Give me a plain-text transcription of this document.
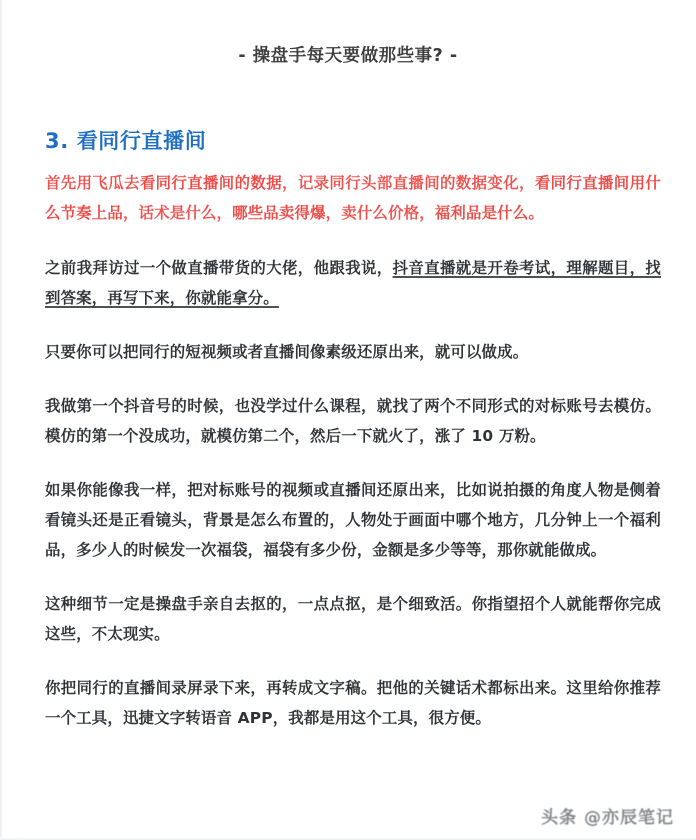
- 操盘手每天要做那些事? -
3. 看同行直播间

首先用飞瓜去看同行直播间的数据，记录同行头部直播间的数据变化，看同行直播间用什么节奏上品，话术是什么，哪些品卖得爆，卖什么价格，福利品是什么。

之前我拜访过一个做直播带货的大佬，他跟我说，抖音直播就是开卷考试，理解题目，找到答案，再写下来，你就能拿分。

只要你可以把同行的短视频或者直播间像素级还原出来，就可以做成。

我做第一个抖音号的时候，也没学过什么课程，就找了两个不同形式的对标账号去模仿。模仿的第一个没成功，就模仿第二个，然后一下就火了，涨了 10 万粉。

如果你能像我一样，把对标账号的视频或直播间还原出来，比如说拍摄的角度人物是侧着看镜头还是正看镜头，背景是怎么布置的，人物处于画面中哪个地方，几分钟上一个福利品，多少人的时候发一次福袋，福袋有多少份，金额是多少等等，那你就能做成。

这种细节一定是操盘手亲自去抠的，一点点抠，是个细致活。你指望招个人就能帮你完成这些，不太现实。

你把同行的直播间录屏录下来，再转成文字稿。把他的关键话术都标出来。这里给你推荐一个工具，迅捷文字转语音 APP，我都是用这个工具，很方便。

头条 @亦辰笔记
